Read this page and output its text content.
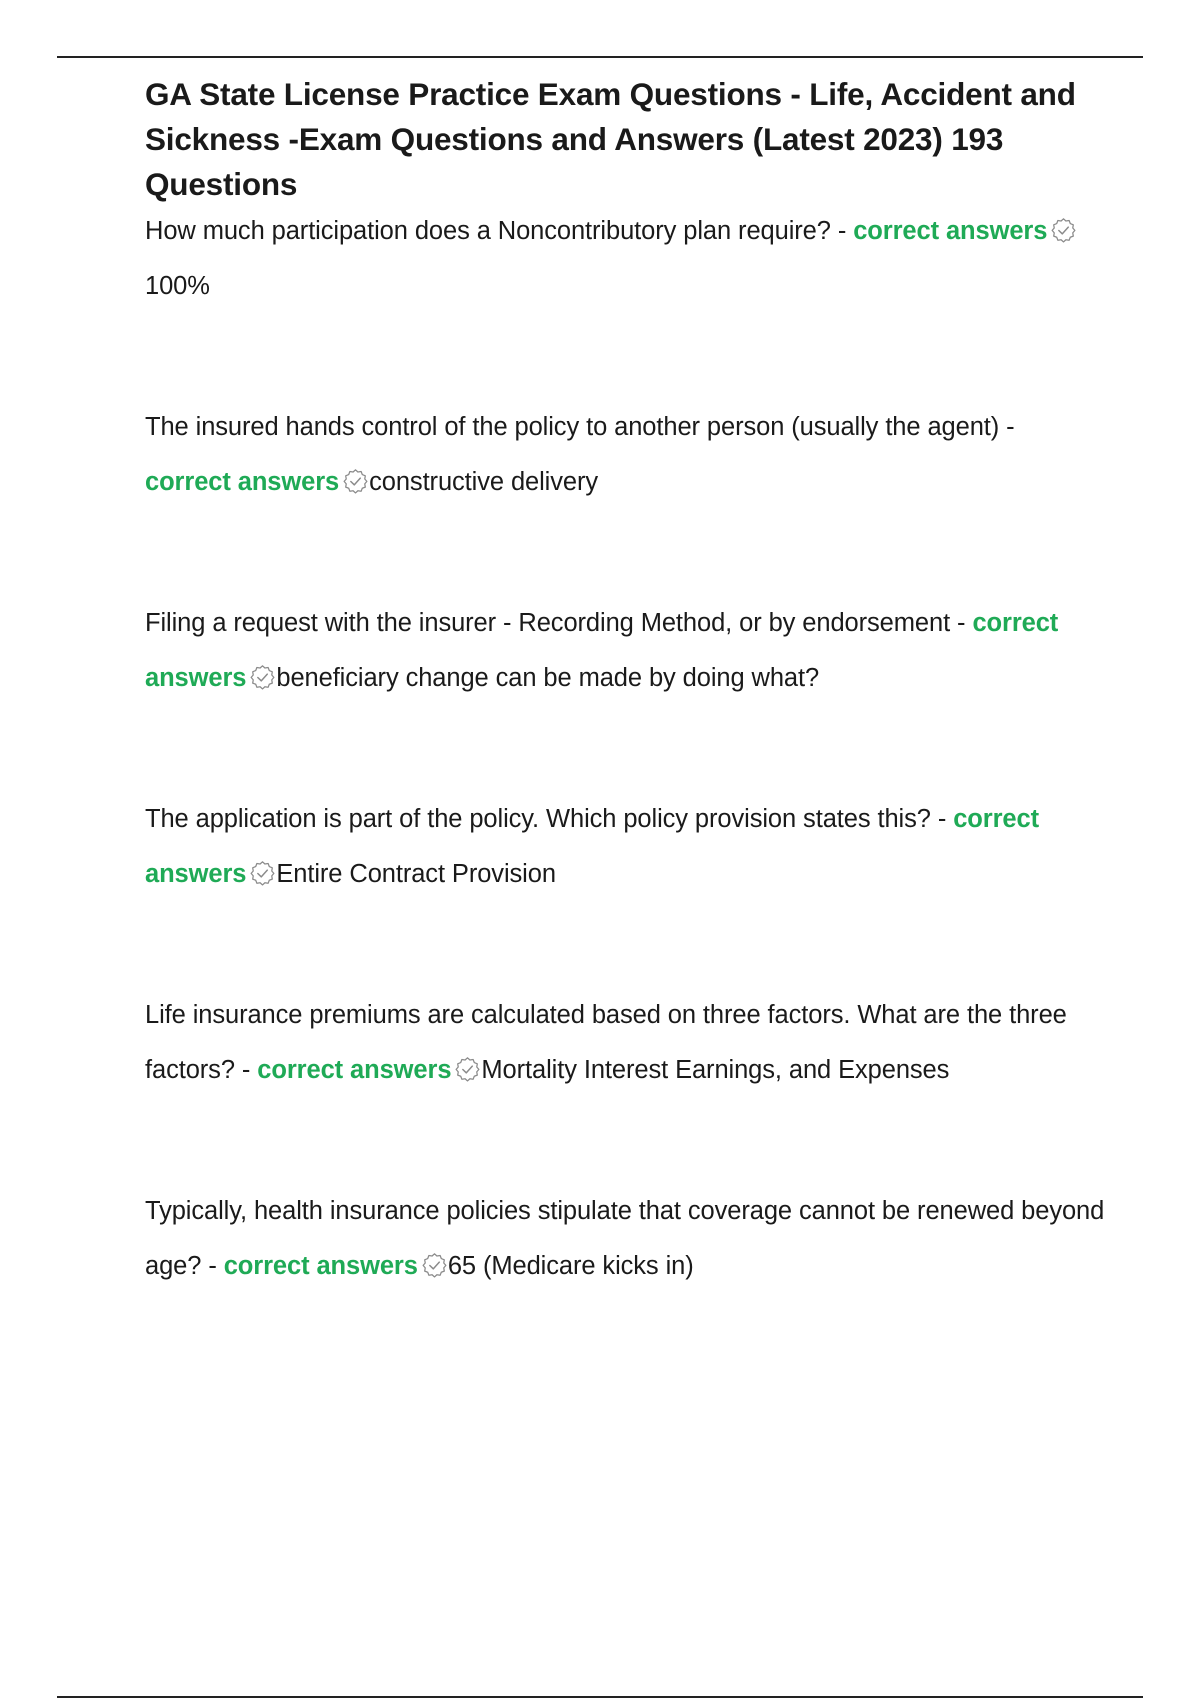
GA State License Practice Exam Questions - Life, Accident and Sickness -Exam Questions and Answers (Latest 2023) 193 Questions

How much participation does a Noncontributory plan require? - correct answers
100%

The insured hands control of the policy to another person (usually the agent) - correct answers constructive delivery

Filing a request with the insurer - Recording Method, or by endorsement - correct answers beneficiary change can be made by doing what?

The application is part of the policy. Which policy provision states this? - correct answers Entire Contract Provision

Life insurance premiums are calculated based on three factors. What are the three factors? - correct answers Mortality Interest Earnings, and Expenses

Typically, health insurance policies stipulate that coverage cannot be renewed beyond age? - correct answers 65 (Medicare kicks in)
